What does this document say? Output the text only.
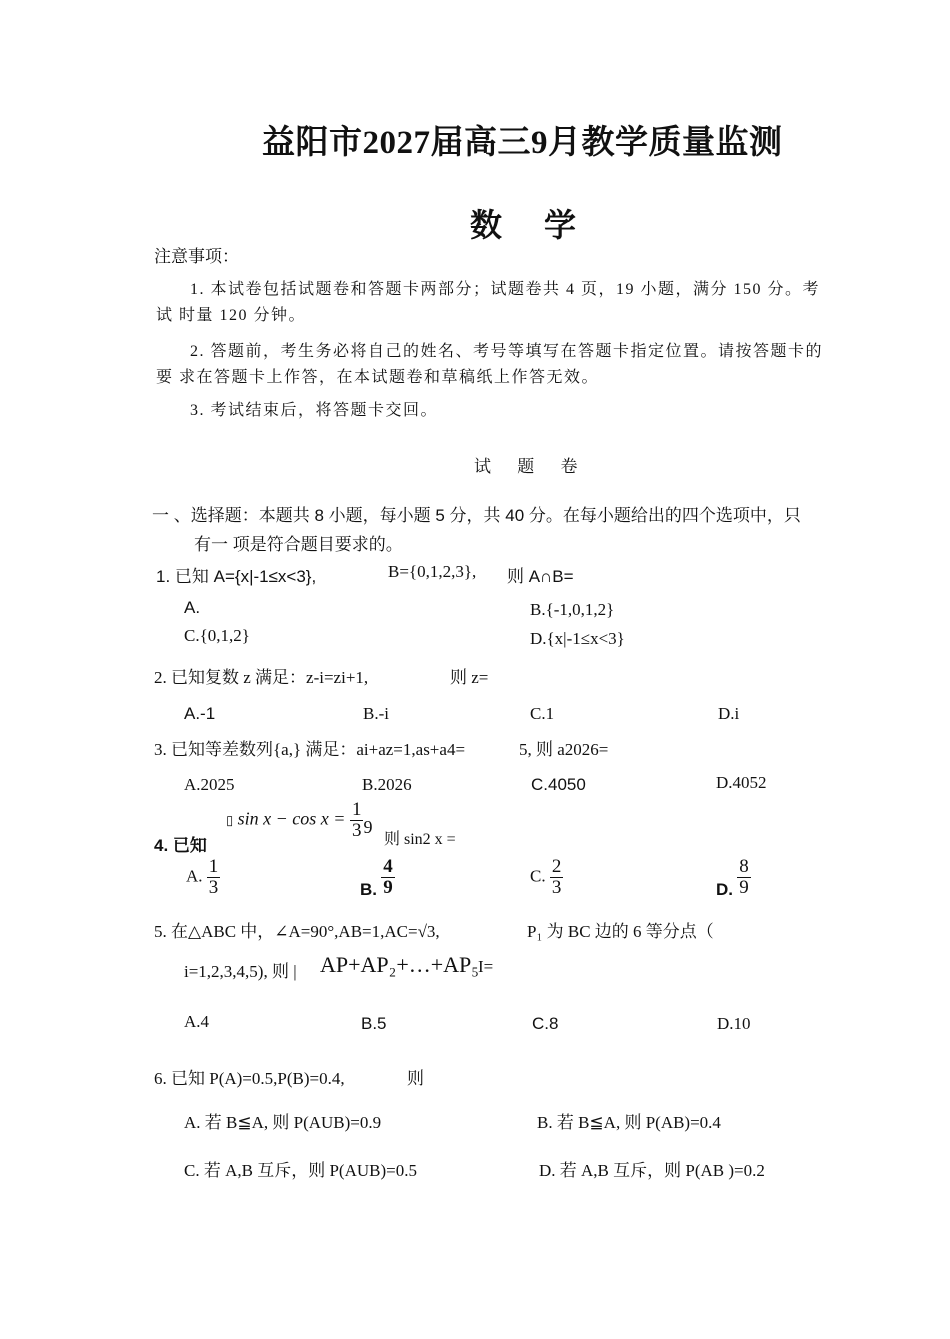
益阳市2027届高三9月教学质量监测
数 学
注意事项：
1. 本试卷包括试题卷和答题卡两部分；试题卷共 4 页，19 小题，满分 150 分。考
试 时量 120 分钟。
2. 答题前，考生务必将自己的姓名、考号等填写在答题卡指定位置。请按答题卡的
要 求在答题卡上作答，在本试题卷和草稿纸上作答无效。
3. 考试结束后，将答题卡交回。
试 题 卷
一 、选择题：本题共 8 小题，每小题 5 分，共 40 分。在每小题给出的四个选项中，只
有一 项是符合题目要求的。
1. 已知 A={x|-1≤x<3},	B={0,1,2,3}, 则 A∩B=
A.	B.{-1,0,1,2}
C.{0,1,2}	D.{x|-1≤x<3}
2. 已知复数 z 满足：z-i=zi+1,	则 z=
A.-1	B.-i	C.1	D.i
3. 已知等差数列{a,} 满足：ai+az=1,as+a4=	5, 则 a2026=
A.2025	B.2026	C.4050	D.4052
4. 已知
▯ $\sin x - \cos x = \frac{1}{3} 9$
则 sin2 x =
A. $\frac{1}{3}$	B. $\frac{4}{9}$	C. $\frac{2}{3}$	D. $\frac{8}{9}$
5. 在△ABC 中，∠A=90°,AB=1,AC=√3,	P₁ 为 BC 边的 6 等分点（
i=1,2,3,4,5), 则 | AP+AP₂+…+AP₅ I=
A.4	B.5	C.8	D.10
6. 已知 P(A)=0.5,P(B)=0.4,	则
A. 若 B≦A, 则 P(AUB)=0.9	B. 若 B≦A, 则 P(AB)=0.4
C. 若 A,B 互斥，则 P(AUB)=0.5	D. 若 A,B 互斥，则 P(AB )=0.2
